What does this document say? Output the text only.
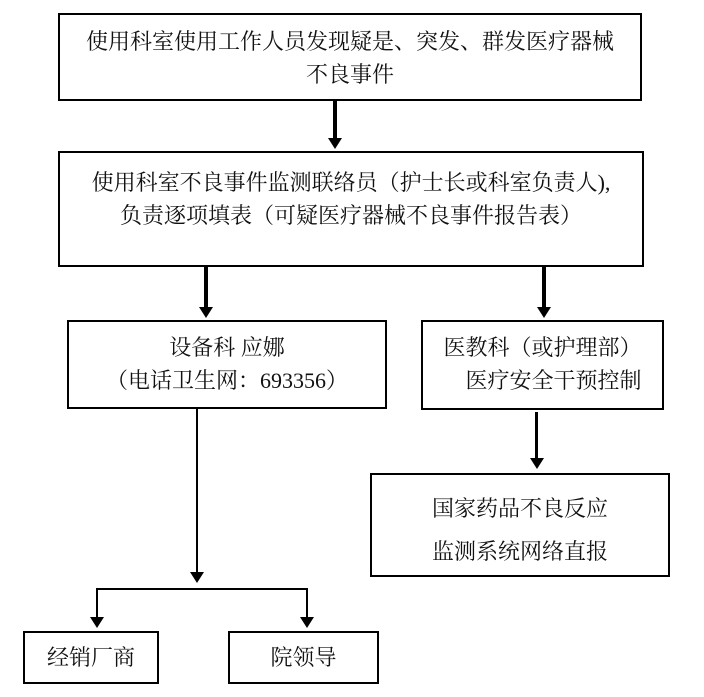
使用科室使用工作人员发现疑是、突发、群发医疗器械
不良事件
使用科室不良事件监测联络员（护士长或科室负责人),
负责逐项填表（可疑医疗器械不良事件报告表）
设备科 应娜
（电话卫生网：693356）
医教科（或护理部）
医疗安全干预控制
国家药品不良反应
监测系统网络直报
经销厂商	院领导
